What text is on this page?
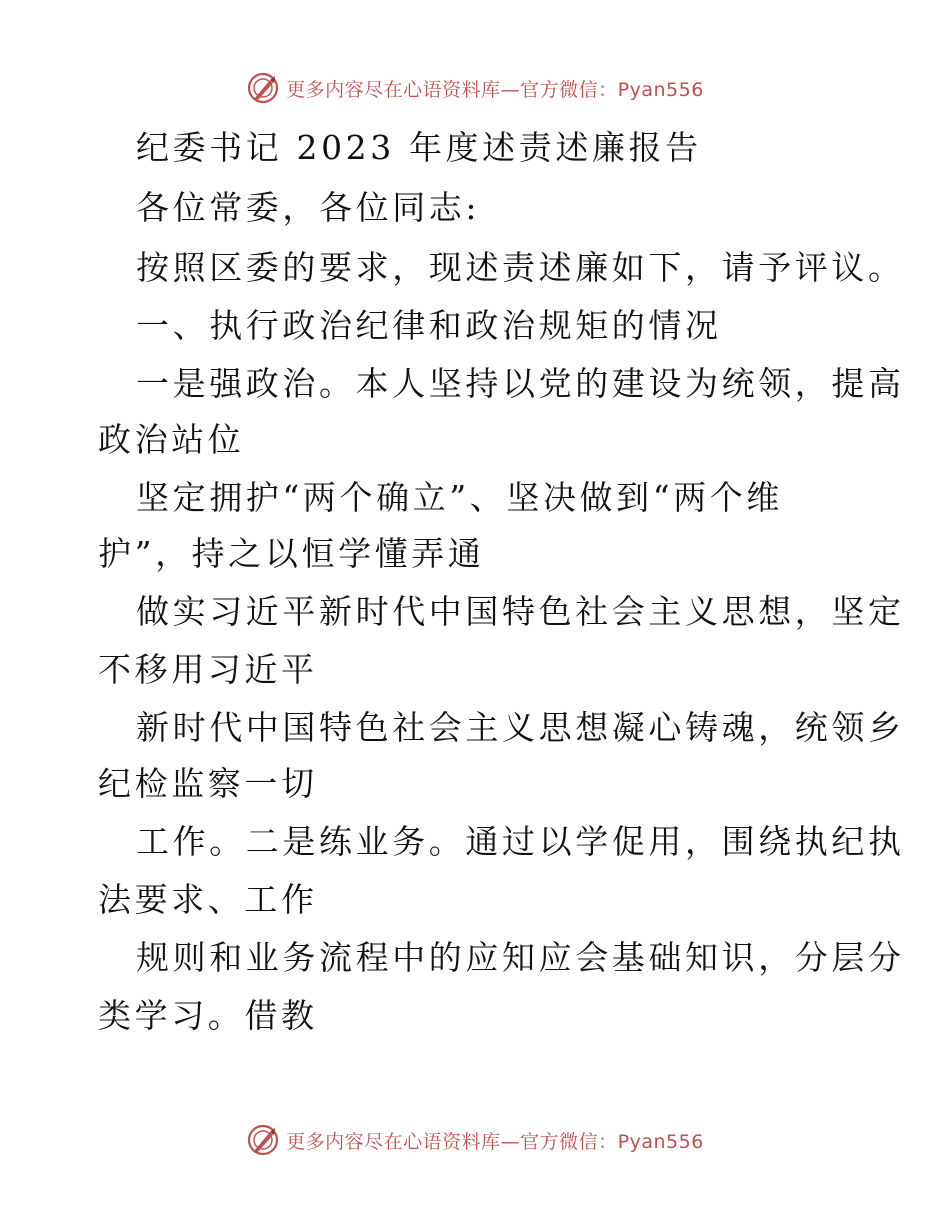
更多内容尽在心语资料库—官方微信：Pyan556
纪委书记 2023 年度述责述廉报告
各位常委，各位同志:
按照区委的要求，现述责述廉如下，请予评议。
一、执行政治纪律和政治规矩的情况
一是强政治。本人坚持以党的建设为统领，提高
政治站位
坚定拥护“两个确立”、坚决做到“两个维
护”，持之以恒学懂弄通
做实习近平新时代中国特色社会主义思想，坚定
不移用习近平
新时代中国特色社会主义思想凝心铸魂，统领乡
纪检监察一切
工作。二是练业务。通过以学促用，围绕执纪执
法要求、工作
规则和业务流程中的应知应会基础知识，分层分
类学习。借教
更多内容尽在心语资料库—官方微信：Pyan556
